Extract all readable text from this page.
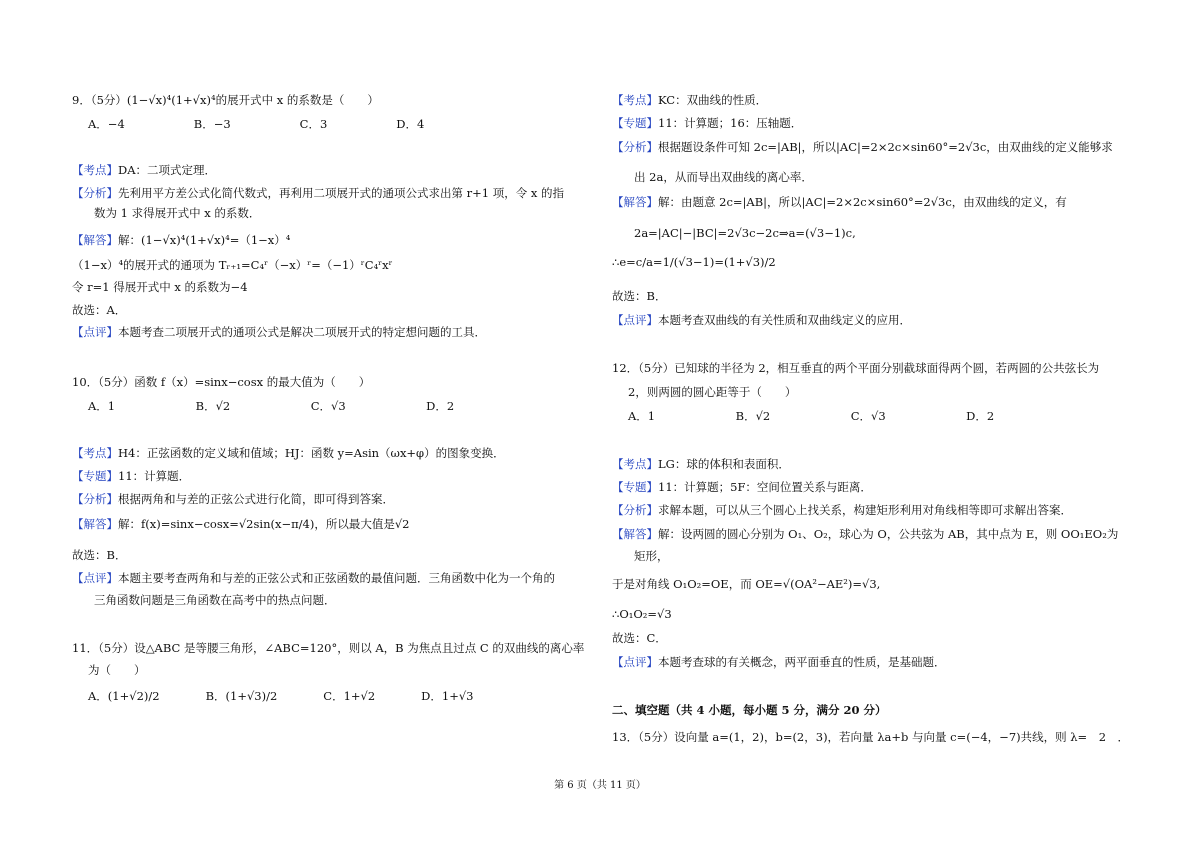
9．（5分）(1−√x)⁴(1+√x)⁴的展开式中 x 的系数是（　　）
A．−4　　　　　　B．−3　　　　　　C．3　　　　　　D．4
【考点】DA：二项式定理．
【分析】先利用平方差公式化简代数式，再利用二项展开式的通项公式求出第 r+1 项，令 x 的指
数为 1 求得展开式中 x 的系数．
【解答】解：(1−√x)⁴(1+√x)⁴=（1−x）⁴
（1−x）⁴的展开式的通项为 Tᵣ₊₁=C₄ʳ（−x）ʳ=（−1）ʳC₄ʳxʳ
令 r=1 得展开式中 x 的系数为−4
故选：A．
【点评】本题考查二项展开式的通项公式是解决二项展开式的特定想问题的工具．
10．（5分）函数 f（x）=sinx−cosx 的最大值为（　　）
A．1　　　　　　　B．√2　　　　　　　C．√3　　　　　　　D．2
【考点】H4：正弦函数的定义域和值域；HJ：函数 y=Asin（ωx+φ）的图象变换．
【专题】11：计算题．
【分析】根据两角和与差的正弦公式进行化简，即可得到答案．
【解答】解：f(x)=sinx−cosx=√2sin(x−π/4)，所以最大值是√2
故选：B．
【点评】本题主要考查两角和与差的正弦公式和正弦函数的最值问题．三角函数中化为一个角的
三角函数问题是三角函数在高考中的热点问题．
11．（5分）设△ABC 是等腰三角形，∠ABC=120°，则以 A，B 为焦点且过点 C 的双曲线的离心率
为（　　）
A．(1+√2)/2　　　　B．(1+√3)/2　　　　C．1+√2　　　　D．1+√3
【考点】KC：双曲线的性质．
【专题】11：计算题；16：压轴题．
【分析】根据题设条件可知 2c=|AB|，所以|AC|=2×2c×sin60°=2√3c，由双曲线的定义能够求
出 2a，从而导出双曲线的离心率．
【解答】解：由题意 2c=|AB|，所以|AC|=2×2c×sin60°=2√3c，由双曲线的定义，有
2a=|AC|−|BC|=2√3c−2c⇒a=(√3−1)c,
∴e=c/a=1/(√3−1)=(1+√3)/2
故选：B．
【点评】本题考查双曲线的有关性质和双曲线定义的应用．
12．（5分）已知球的半径为 2，相互垂直的两个平面分别截球面得两个圆，若两圆的公共弦长为
2，则两圆的圆心距等于（　　）
A．1　　　　　　　B．√2　　　　　　　C．√3　　　　　　　D．2
【考点】LG：球的体积和表面积．
【专题】11：计算题；5F：空间位置关系与距离．
【分析】求解本题，可以从三个圆心上找关系，构建矩形利用对角线相等即可求解出答案．
【解答】解：设两圆的圆心分别为 O₁、O₂，球心为 O，公共弦为 AB，其中点为 E，则 OO₁EO₂为
矩形，
于是对角线 O₁O₂=OE，而 OE=√(OA²−AE²)=√3,
∴O₁O₂=√3
故选：C．
【点评】本题考查球的有关概念，两平面垂直的性质，是基础题．
二、填空题（共 4 小题，每小题 5 分，满分 20 分）
13．（5分）设向量 a=(1，2)，b=(2，3)，若向量 λa+b 与向量 c=(−4，−7)共线，则 λ=　2　．
第 6 页（共 11 页）
